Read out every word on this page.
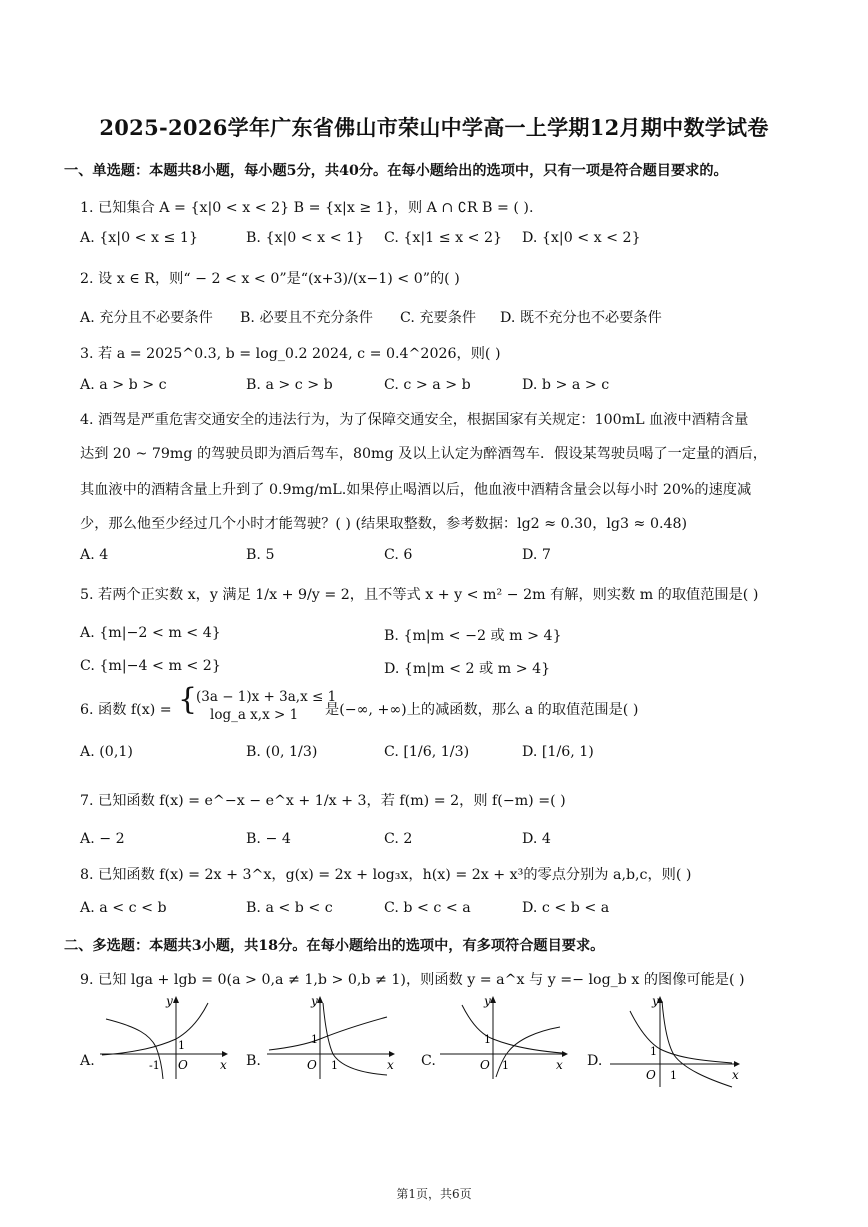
2025-2026学年广东省佛山市荣山中学高一上学期12月期中数学试卷
一、单选题：本题共8小题，每小题5分，共40分。在每小题给出的选项中，只有一项是符合题目要求的。
1. 已知集合 A = {x|0 < x < 2} B = {x|x ≥ 1}，则 A ∩ ∁R B = ( ).
A. {x|0 < x ≤ 1}	B. {x|0 < x < 1} C. {x|1 ≤ x < 2} D. {x|0 < x < 2}
2. 设 x ∈ R，则“ − 2 < x < 0”是“(x+3)/(x−1) < 0”的( )
A. 充分且不必要条件 B. 必要且不充分条件 C. 充要条件 D. 既不充分也不必要条件
3. 若 a = 2025^0.3, b = log_0.2 2024, c = 0.4^2026，则( )
A. a > b > c	B. a > c > b	C. c > a > b	D. b > a > c
4. 酒驾是严重危害交通安全的违法行为，为了保障交通安全，根据国家有关规定：100mL 血液中酒精含量
达到 20 ~ 79mg 的驾驶员即为酒后驾车，80mg 及以上认定为醉酒驾车．假设某驾驶员喝了一定量的酒后，
其血液中的酒精含量上升到了 0.9mg/mL.如果停止喝酒以后，他血液中酒精含量会以每小时 20%的速度减
少，那么他至少经过几个小时才能驾驶？( ) (结果取整数，参考数据：lg2 ≈ 0.30，lg3 ≈ 0.48)
A. 4	B. 5	C. 6	D. 7
5. 若两个正实数 x，y 满足 1/x + 9/y = 2，且不等式 x + y < m² − 2m 有解，则实数 m 的取值范围是( )
A. {m|−2 < m < 4}	B. {m|m < −2 或 m > 4}
C. {m|−4 < m < 2}	D. {m|m < 2 或 m > 4}
6. 函数 f(x) = {
(3a − 1)x + 3a,x ≤ 1
log_a x,x > 1 是(−∞, +∞)上的减函数，那么 a 的取值范围是( )
A. (0,1)	B. (0, 1/3)	C. [1/6, 1/3)	D. [1/6, 1)
7. 已知函数 f(x) = e^−x − e^x + 1/x + 3，若 f(m) = 2，则 f(−m) =( )
A. − 2	B. − 4	C. 2	D. 4
8. 已知函数 f(x) = 2x + 3^x，g(x) = 2x + log₃x，h(x) = 2x + x³的零点分别为 a,b,c，则( )
A. a < c < b	B. a < b < c	C. b < c < a	D. c < b < a
二、多选题：本题共3小题，共18分。在每小题给出的选项中，有多项符合题目要求。
9. 已知 lga + lgb = 0(a > 0,a ≠ 1,b > 0,b ≠ 1)，则函数 y = a^x 与 y =− log_b x 的图像可能是( )
A.	B.	C.	D.
y
x
O
1
-1
y
x
O
1
1
y
x
O
1
1
y
x
O
1
1
第1页，共6页
